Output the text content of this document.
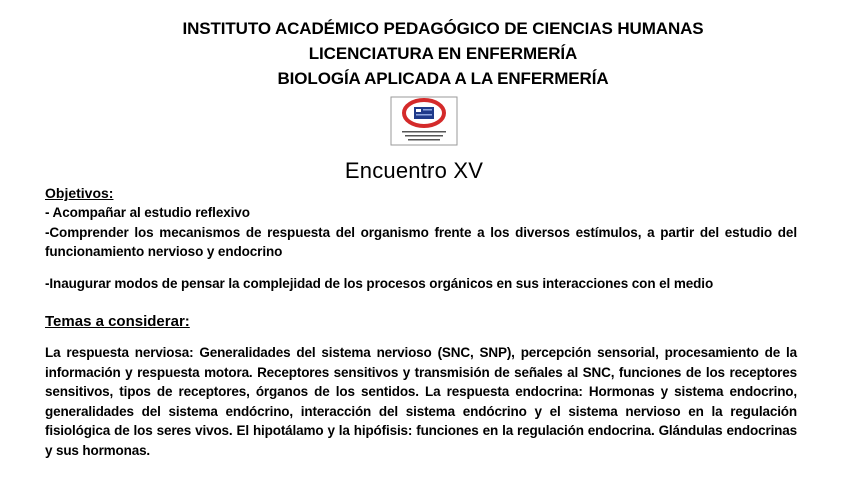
INSTITUTO ACADÉMICO PEDAGÓGICO DE CIENCIAS HUMANAS
LICENCIATURA EN ENFERMERÍA
BIOLOGÍA APLICADA A LA ENFERMERÍA
Encuentro XV
Objetivos:
- Acompañar al estudio reflexivo
-Comprender los mecanismos de respuesta del organismo frente a los diversos estímulos, a partir del estudio del funcionamiento nervioso y endocrino
-Inaugurar modos de pensar la complejidad de los procesos orgánicos en sus interacciones con el medio
Temas a considerar:
La respuesta nerviosa: Generalidades del sistema nervioso (SNC, SNP), percepción sensorial, procesamiento de la información y respuesta motora. Receptores sensitivos y transmisión de señales al SNC, funciones de los receptores sensitivos, tipos de receptores, órganos de los sentidos. La respuesta endocrina: Hormonas y sistema endocrino, generalidades del sistema endócrino, interacción del sistema endócrino y el sistema nervioso en la regulación fisiológica de los seres vivos. El hipotálamo y la hipófisis: funciones en la regulación endocrina. Glándulas endocrinas y sus hormonas.
